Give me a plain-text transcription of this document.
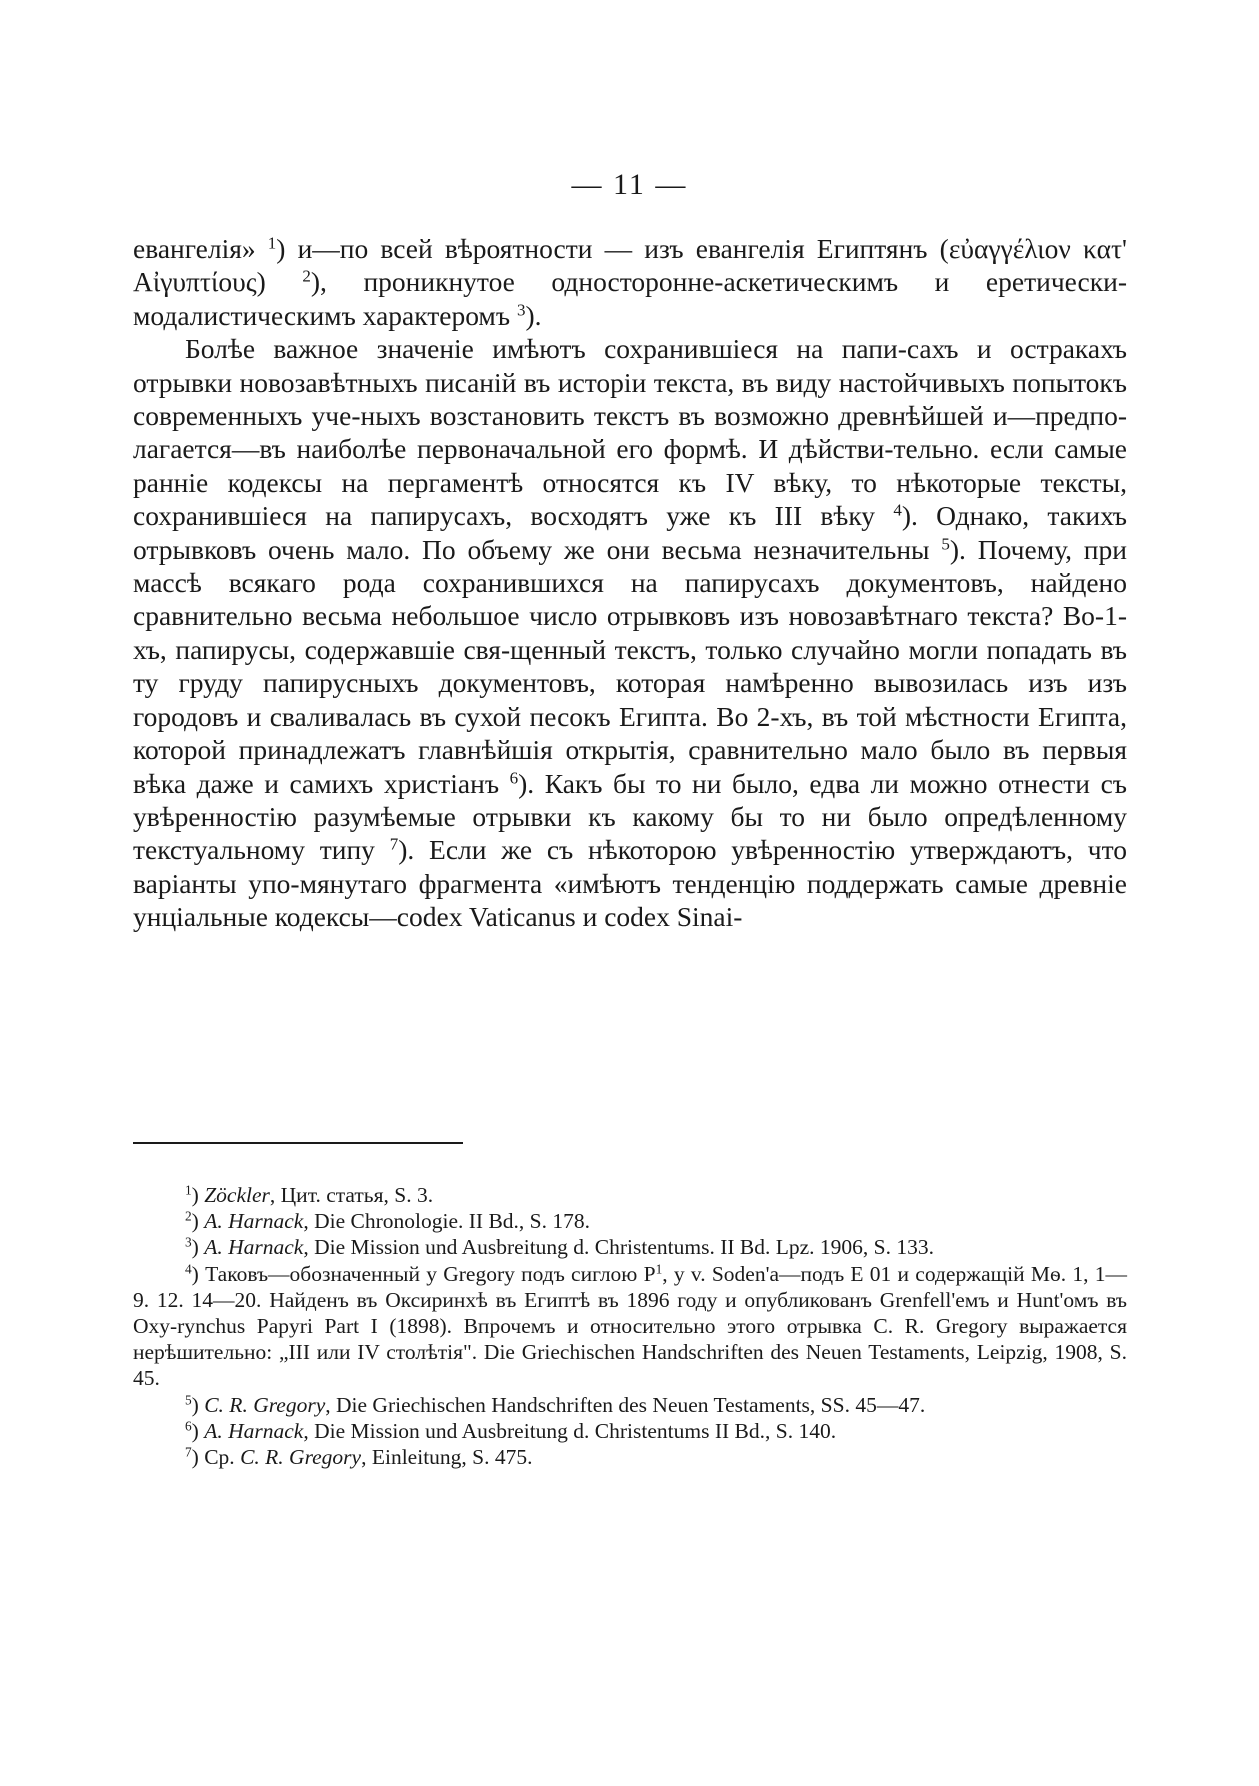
— 11 —

евангелія» $^1$) и—по всей вѣроятности — изъ евангелія Египтянъ (εὐαγγέλιον κατ' Αἰγυπτίους) $^2$), проникнутое односторонне-аскетическимъ и еретически-модалистическимъ характеромъ $^3$).

Болѣе важное значеніе имѣютъ сохранившіеся на папи-сахъ и остракахъ отрывки новозавѣтныхъ писаній въ исторіи текста, въ виду настойчивыхъ попытокъ современныхъ уче-ныхъ возстановить текстъ въ возможно древнѣйшей и—предпо-лагается—въ наиболѣе первоначальной его формѣ. И дѣйстви-тельно. если самые ранніе кодексы на пергаментѣ относятся къ IV вѣку, то нѣкоторые тексты, сохранившіеся на папирусахъ, восходятъ уже къ III вѣку $^4$). Однако, такихъ отрывковъ очень мало. По объему же они весьма незначительны $^5$). Почему, при массѣ всякаго рода сохранившихся на папирусахъ документовъ, найдено сравнительно весьма небольшое число отрывковъ изъ новозавѣтнаго текста? Во-1-хъ, папирусы, содержавшіе свя-щенный текстъ, только случайно могли попадать въ ту груду папирусныхъ документовъ, которая намѣренно вывозилась изъ изъ городовъ и сваливалась въ сухой песокъ Египта. Во 2-хъ, въ той мѣстности Египта, которой принадлежатъ главнѣйшія открытія, сравнительно мало было въ первыя вѣка даже и самихъ христіанъ $^6$). Какъ бы то ни было, едва ли можно отнести съ увѣренностію разумѣемые отрывки къ какому бы то ни было опредѣленному текстуальному типу $^7$). Если же съ нѣкоторою увѣренностію утверждаютъ, что варіанты упо-мянутаго фрагмента «имѣютъ тенденцію поддержать самые древніе унціальные кодексы—codex Vaticanus и codex Sinai-

$^1$) Zöckler, Цит. статья, S. 3.

$^2$) A. Harnack, Die Chronologie. II Bd., S. 178.

$^3$) A. Harnack, Die Mission und Ausbreitung d. Christentums. II Bd. Lpz. 1906, S. 133.

$^4$) Таковъ—обозначенный у Gregory подъ сиглою $P^1$, у v. Soden'a—подъ E 01 и содержащій Мѳ. 1, 1—9. 12. 14—20. Найденъ въ Оксиринхѣ въ Египтѣ въ 1896 году и опубликованъ Grenfell'емъ и Hunt'омъ въ Oxy-rynchus Papyri Part I (1898). Впрочемъ и относительно этого отрывка C. R. Gregory выражается нерѣшительно: „III или IV столѣтія". Die Griechischen Handschriften des Neuen Testaments, Leipzig, 1908, S. 45.

$^5$) C. R. Gregory, Die Griechischen Handschriften des Neuen Testaments, SS. 45—47.

$^6$) A. Harnack, Die Mission und Ausbreitung d. Christentums II Bd., S. 140.

$^7$) Ср. C. R. Gregory, Einleitung, S. 475.
